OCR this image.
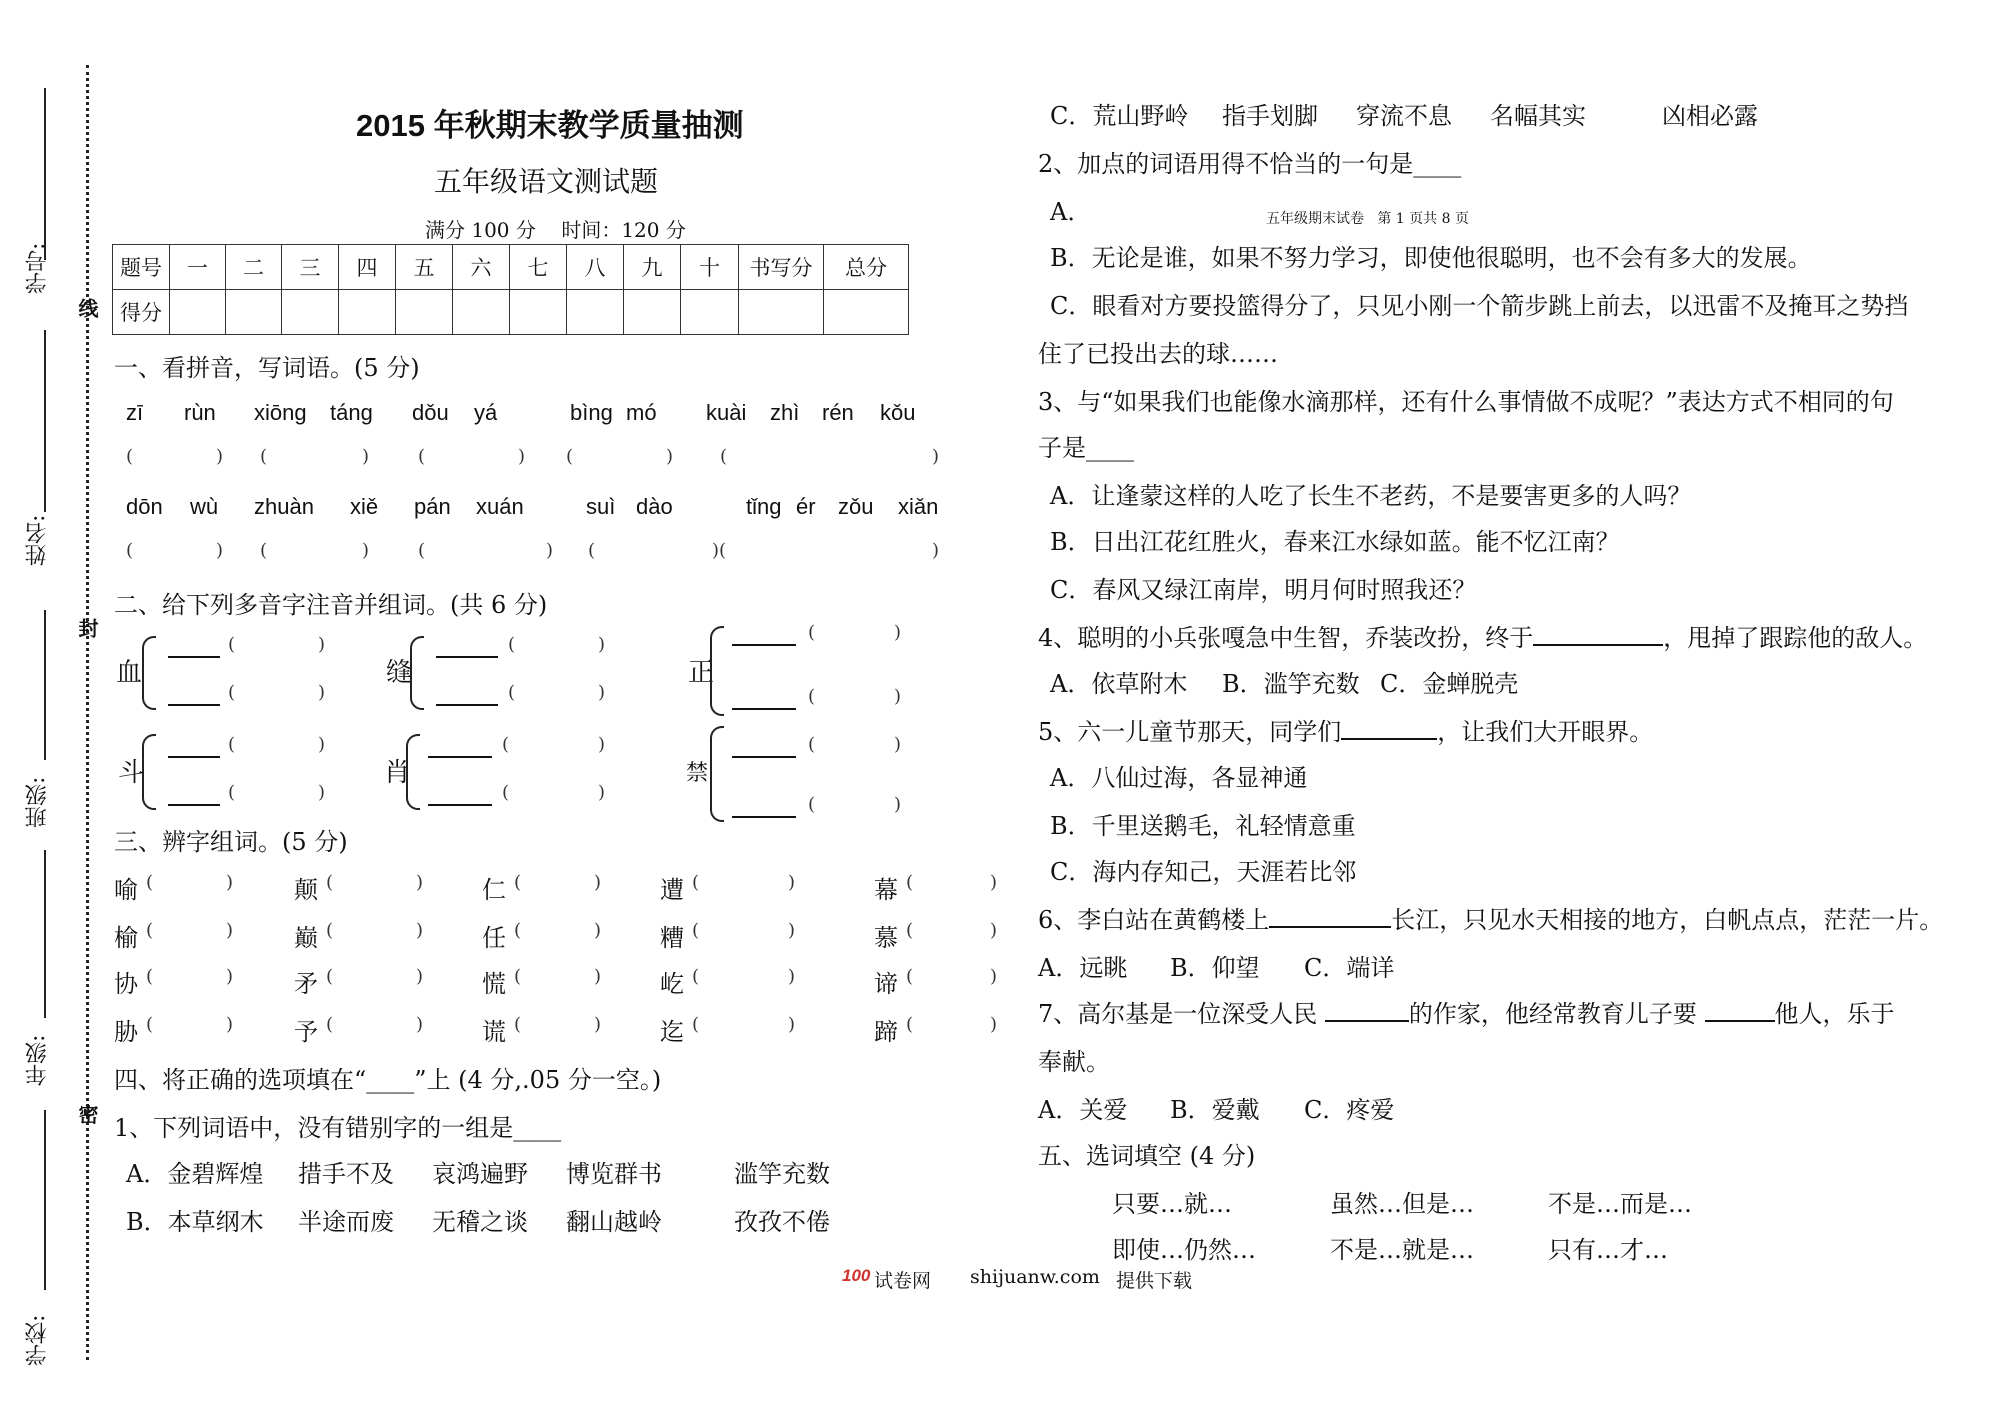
学号:
姓名:
班级:
年级:
学校:
线
封
密
2015 年秋期末教学质量抽测
五年级语文测试题
满分 100 分    时间：120 分
题号	一	二	三	四	五	六	七	八	九	十	书写分	总分
得分												
一、看拼音，写词语。(5 分)
zī rùn xiōng táng dǒu yá	bìng mó kuài zhì rén kǒu
(	) (	)	(	) (	)	(	)
dōn wù zhuàn xiě pán xuán	suì dào	tǐng ér zǒu xiǎn
(	) (	)	(	) (	)(	)
二、给下列多音字注音并组词。(共 6 分)
血
(	)
(	)
缝
(	)
(	)
正
(	)
(	)
斗
(	)
(	)
肖
(	)
(	)
禁
(	)
(	)
三、辨字组词。(5 分)
喻 (	)	颠 (	) 仁 (	) 遭 (	)	幕 (	)
榆 (	)	巅 (	) 任 (	) 糟 (	)	慕 (	)
协 (	)	矛 (	) 慌 (	) 屹 (	)	谛 (	)
胁 (	)	予 (	) 谎 (	) 迄 (	)	蹄 (	)
四、将正确的选项填在“____”上 (4 分,.05 分一空。)
1、下列词语中，没有错别字的一组是____
A．金碧辉煌 措手不及 哀鸿遍野 博览群书	滥竽充数
B．本草纲木 半途而废 无稽之谈 翻山越岭	孜孜不倦
100 试卷网 shijuanw.com 提供下载
C．荒山野岭 指手划脚 穿流不息 名幅其实	凶相必露
2、加点的词语用得不恰当的一句是____
A．	五年级期末试卷   第 1 页共 8 页
B．无论是谁，如果不努力学习，即使他很聪明，也不会有多大的发展。
C．眼看对方要投篮得分了，只见小刚一个箭步跳上前去，以迅雷不及掩耳之势挡
住了已投出去的球……
3、与“如果我们也能像水滴那样，还有什么事情做不成呢？”表达方式不相同的句
子是____
A．让逢蒙这样的人吃了长生不老药，不是要害更多的人吗？
B．日出江花红胜火，春来江水绿如蓝。能不忆江南？
C．春风又绿江南岸，明月何时照我还？
4、聪明的小兵张嘎急中生智，乔装改扮，终于	，甩掉了跟踪他的敌人。
A．依草附木 B．滥竽充数 C．金蝉脱壳
5、六一儿童节那天，同学们	，让我们大开眼界。
A．八仙过海，各显神通
B．千里送鹅毛，礼轻情意重
C．海内存知己，天涯若比邻
6、李白站在黄鹤楼上	长江，只见水天相接的地方，白帆点点，茫茫一片。
A．远眺 B．仰望 C．端详
7、高尔基是一位深受人民	的作家，他经常教育儿子要	他人，乐于
奉献。
A．关爱 B．爱戴 C．疼爱
五、选词填空 (4 分)
只要…就…	虽然…但是…	不是…而是…
即使…仍然…	不是…就是…	只有…才…
